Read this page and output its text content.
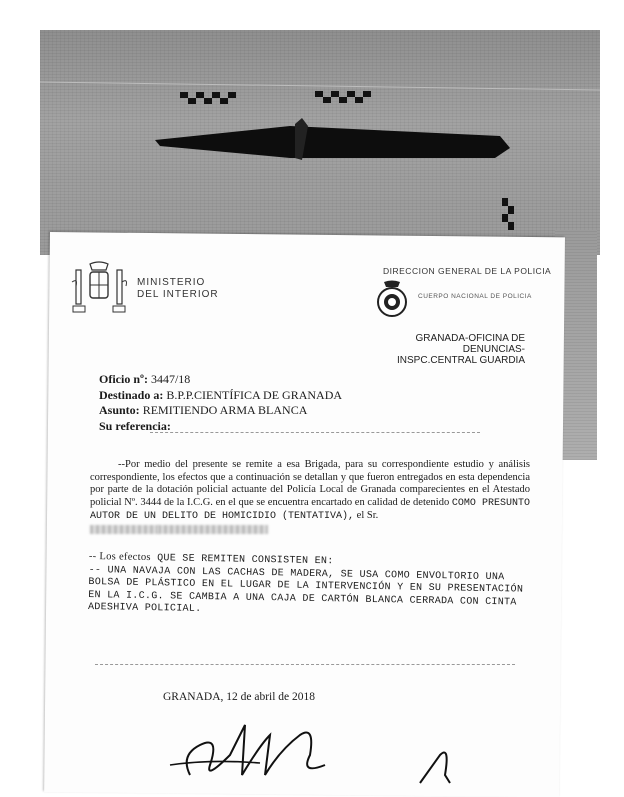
MINISTERIO
DEL INTERIOR
DIRECCION GENERAL DE LA POLICIA
CUERPO NACIONAL DE POLICIA
GRANADA-OFICINA DE
DENUNCIAS-
INSPC.CENTRAL GUARDIA
Oficio nº: 3447/18
Destinado a: B.P.P.CIENTÍFICA DE GRANADA
Asunto: REMITIENDO ARMA BLANCA
Su referencia:
--Por medio del presente se remite a esa Brigada, para su correspondiente estudio y análisis correspondiente, los efectos que a continuación se detallan y que fueron entregados en esta dependencia por parte de la dotación policial actuante del Policía Local de Granada comparecientes en el Atestado policial Nº. 3444 de la I.C.G. en el que se encuentra encartado en calidad de detenido COMO PRESUNTO AUTOR DE UN DELITO DE HOMICIDIO (TENTATIVA), el Sr.
-- Los efectos QUE SE REMITEN CONSISTEN EN:
-- UNA NAVAJA CON LAS CACHAS DE MADERA, SE USA COMO ENVOLTORIO UNA BOLSA DE PLÁSTICO EN EL LUGAR DE LA INTERVENCIÓN Y EN SU PRESENTACIÓN EN LA I.C.G. SE CAMBIA A UNA CAJA DE CARTÓN BLANCA CERRADA CON CINTA ADESHIVA POLICIAL.
GRANADA, 12 de abril de 2018
